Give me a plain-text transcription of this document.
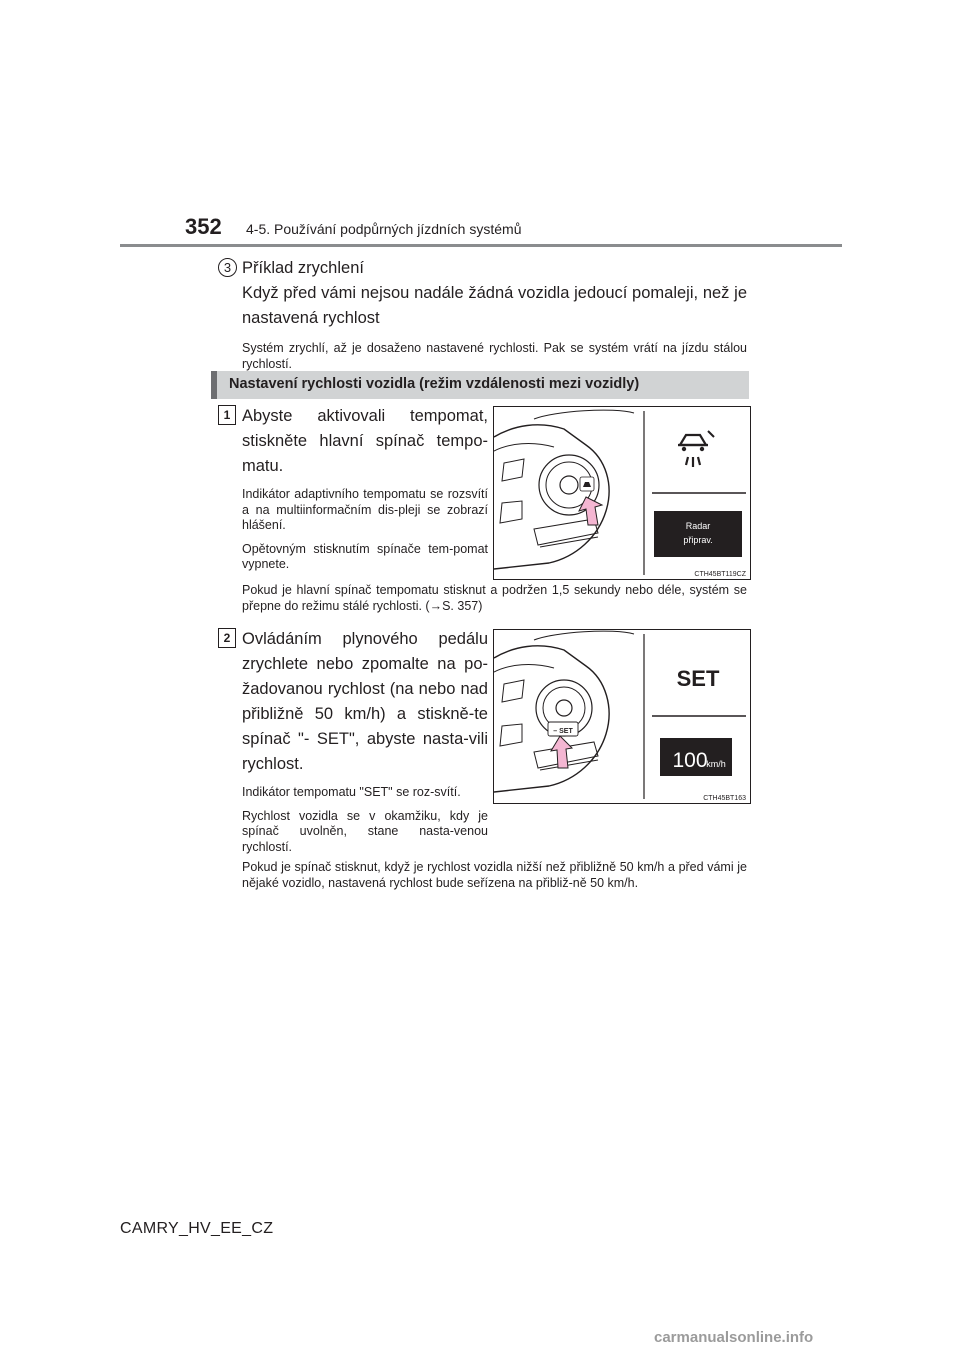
352 4-5. Používání podpůrných jízdních systémů
3 Příklad zrychlení

Když před vámi nejsou nadále žádná vozidla jedoucí pomaleji, než je nastavená rychlost

Systém zrychlí, až je dosaženo nastavené rychlosti. Pak se systém vrátí na jízdu stálou rychlostí.

Nastavení rychlosti vozidla (režim vzdálenosti mezi vozidly)
1 Abyste aktivovali tempomat, stiskněte hlavní spínač tempo-matu.

Indikátor adaptivního tempomatu se rozsvítí a na multiinformačním dis-pleji se zobrazí hlášení.

Opětovným stisknutím spínače tem-pomat vypnete.

Radar
připrav.
CTH45BT119CZ
Pokud je hlavní spínač tempomatu stisknut a podržen 1,5 sekundy nebo déle, systém se přepne do režimu stálé rychlosti. (→S. 357)
2 Ovládáním plynového pedálu zrychlete nebo zpomalte na po-žadovanou rychlost (na nebo nad přibližně 50 km/h) a stiskně-te spínač "- SET", abyste nasta-vili rychlost.

Indikátor tempomatu "SET" se roz-svítí.

Rychlost vozidla se v okamžiku, kdy je spínač uvolněn, stane nasta-venou rychlostí.

– SET
SET
100
km/h
CTH45BT163
Pokud je spínač stisknut, když je rychlost vozidla nižší než přibližně 50 km/h a před vámi je nějaké vozidlo, nastavená rychlost bude seřízena na přibliž-ně 50 km/h.
CAMRY_HV_EE_CZ
carmanualsonline.info
